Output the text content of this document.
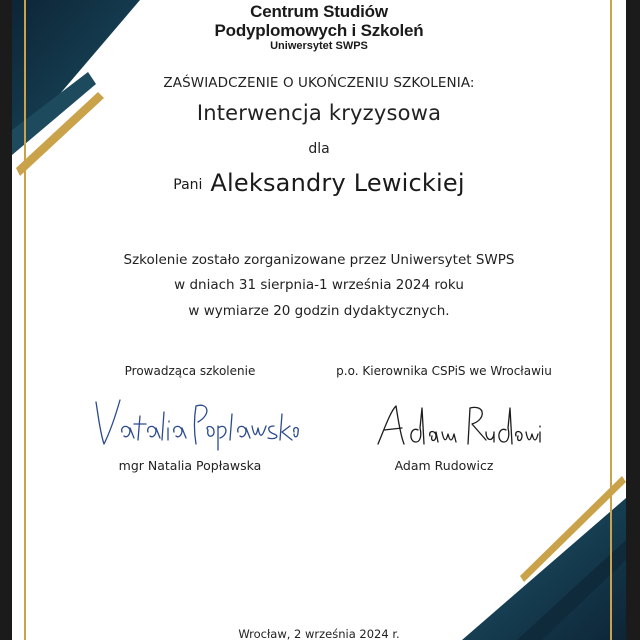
Centrum Studiów
Podyplomowych i Szkoleń
Uniwersytet SWPS
ZAŚWIADCZENIE O UKOŃCZENIU SZKOLENIA:
Interwencja kryzysowa
dla
Pani Aleksandry Lewickiej
Szkolenie zostało zorganizowane przez Uniwersytet SWPS
w dniach 31 sierpnia-1 września 2024 roku
w wymiarze 20 godzin dydaktycznych.
Prowadząca szkolenie	p.o. Kierownika CSPiS we Wrocławiu
mgr Natalia Popławska	Adam Rudowicz
Wrocław, 2 września 2024 r.
